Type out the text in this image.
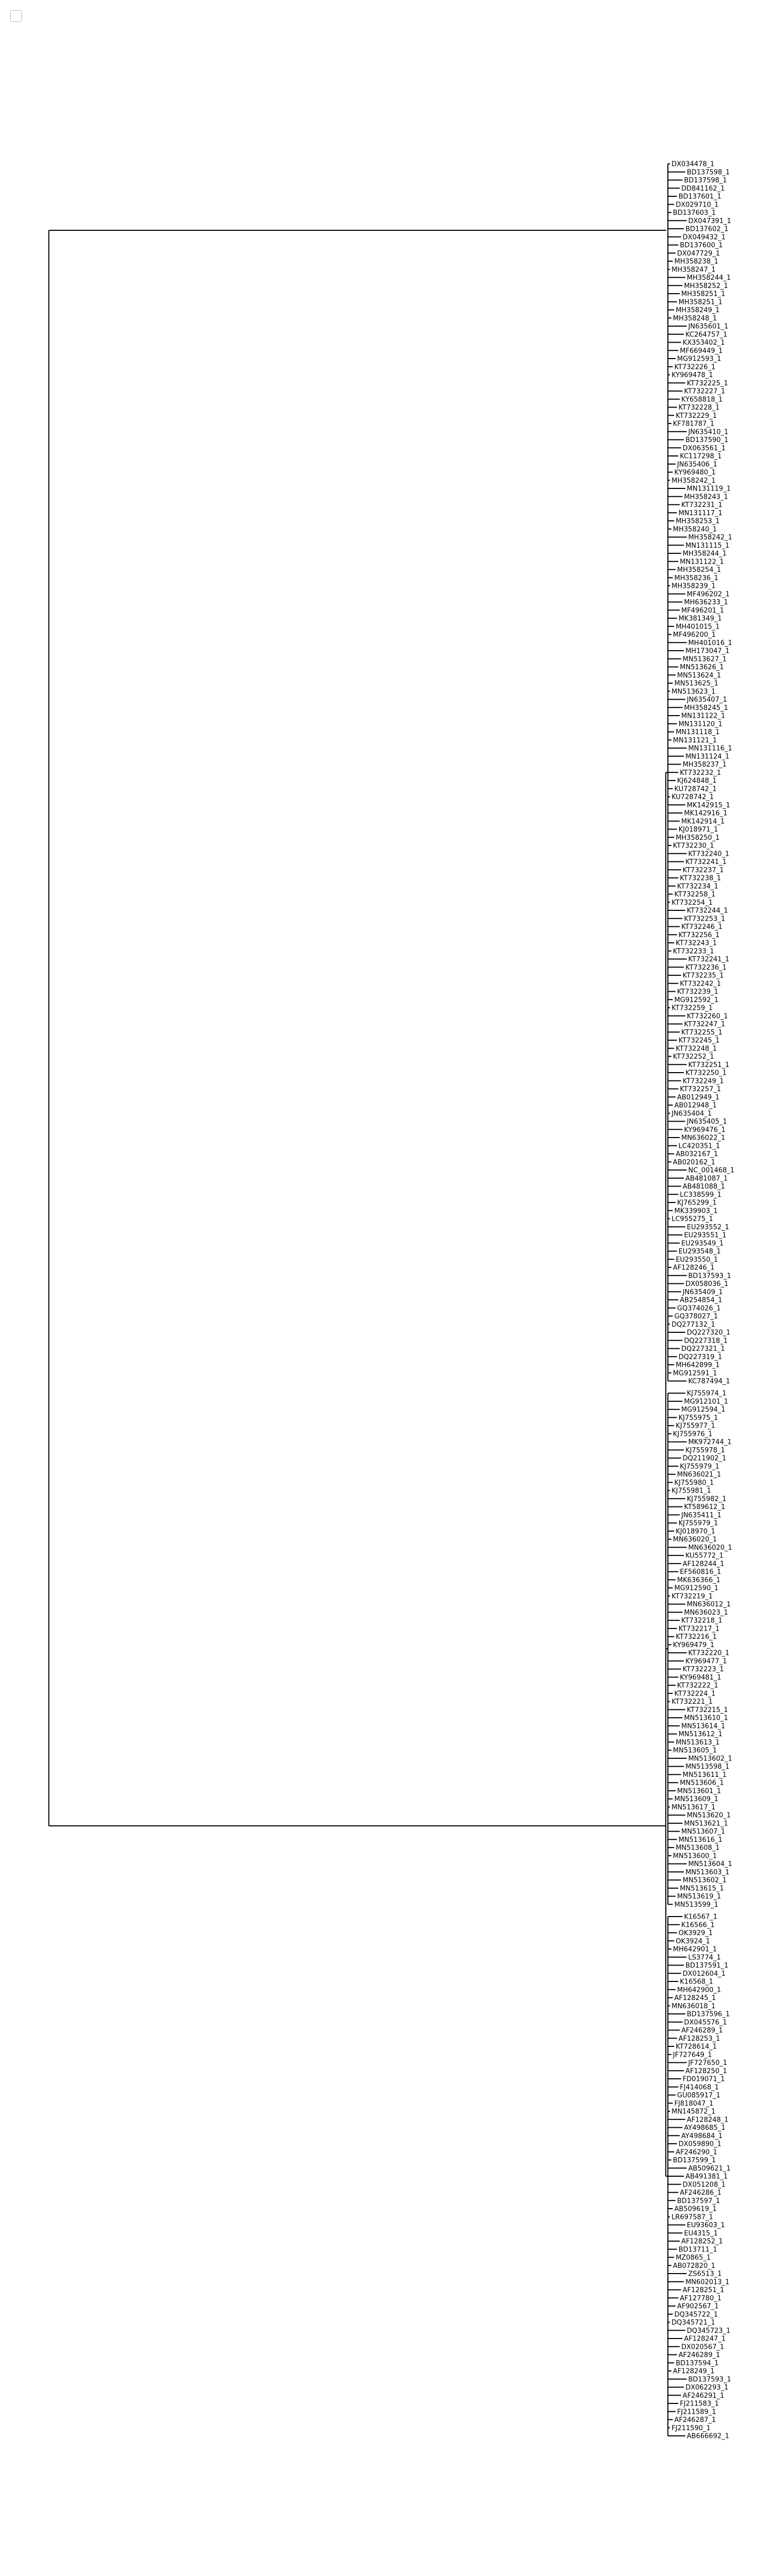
DX034478_1
BD137598_1
BD137598_1
DD841162_1
BD137601_1
DX029710_1
BD137603_1
DX047391_1
BD137602_1
DX049432_1
BD137600_1
DX047729_1
MH358238_1
MH358247_1
MH358244_1
MH358252_1
MH358251_1
MH358251_1
MH358249_1
MH358248_1
JN635601_1
KC264757_1
KX353402_1
MF669449_1
MG912593_1
KT732226_1
KY969478_1
KT732225_1
KT732227_1
KY658818_1
KT732228_1
KT732229_1
KF781787_1
JN635410_1
BD137590_1
DX063561_1
KC117298_1
JN635406_1
KY969480_1
MH358242_1
MN131119_1
MH358243_1
KT732231_1
MN131117_1
MH358253_1
MH358240_1
MH358242_1
MN131115_1
MH358244_1
MN131122_1
MH358254_1
MH358236_1
MH358239_1
MF496202_1
MH636233_1
MF496201_1
MK381349_1
MH401015_1
MF496200_1
MH401016_1
MH173047_1
MN513627_1
MN513626_1
MN513624_1
MN513625_1
MN513623_1
JN635407_1
MH358245_1
MN131122_1
MN131120_1
MN131118_1
MN131121_1
MN131116_1
MN131124_1
MH358237_1
KT732232_1
KJ624848_1
KU728742_1
KU728742_1
MK142915_1
MK142916_1
MK142914_1
KJ018971_1
MH358250_1
KT732230_1
KT732240_1
KT732241_1
KT732237_1
KT732238_1
KT732234_1
KT732258_1
KT732254_1
KT732244_1
KT732253_1
KT732246_1
KT732256_1
KT732243_1
KT732233_1
KT732241_1
KT732236_1
KT732235_1
KT732242_1
KT732239_1
MG912592_1
KT732259_1
KT732260_1
KT732247_1
KT732255_1
KT732245_1
KT732248_1
KT732252_1
KT732251_1
KT732250_1
KT732249_1
KT732257_1
AB012949_1
AB012948_1
JN635404_1
JN635405_1
KY969476_1
MN636022_1
LC420351_1
AB032167_1
AB020162_1
NC_001468_1
AB481087_1
AB481088_1
LC338599_1
KJ765299_1
MK339903_1
LC955275_1
EU293552_1
EU293551_1
EU293549_1
EU293548_1
EU293550_1
AF128246_1
BD137593_1
DX058036_1
JN635409_1
AB254854_1
GQ374026_1
GQ378027_1
DQ277132_1
DQ227320_1
DQ227318_1
DQ227321_1
DQ227319_1
MH642899_1
MG912591_1
KC787494_1
KJ755974_1
MG912101_1
MG912594_1
KJ755975_1
KJ755977_1
KJ755976_1
MK972744_1
KJ755978_1
DQ211902_1
KJ755979_1
MN636021_1
KJ755980_1
KJ755981_1
KJ755982_1
KT589612_1
JN635411_1
KJ755979_1
KJ018970_1
MN636020_1
MN636020_1
KU55772_1
AF128244_1
EF560816_1
MK636366_1
MG912590_1
KT732219_1
MN636012_1
MN636023_1
KT732218_1
KT732217_1
KT732216_1
KY969479_1
KT732220_1
KY969477_1
KT732223_1
KY969481_1
KT732222_1
KT732224_1
KT732221_1
KT732215_1
MN513610_1
MN513614_1
MN513612_1
MN513613_1
MN513605_1
MN513602_1
MN513598_1
MN513611_1
MN513606_1
MN513601_1
MN513609_1
MN513617_1
MN513620_1
MN513621_1
MN513607_1
MN513616_1
MN513608_1
MN513600_1
MN513604_1
MN513603_1
MN513602_1
MN513615_1
MN513619_1
MN513599_1
K16567_1
K16566_1
OK3929_1
OK3924_1
MH642901_1
LS3774_1
BD137591_1
DX012604_1
K16568_1
MH642900_1
AF128245_1
MN636018_1
BD137596_1
DX045576_1
AF246289_1
AF128253_1
KT728614_1
JF727649_1
JF727650_1
AF128250_1
FD019071_1
FJ414068_1
GU085917_1
FJ818047_1
MN145872_1
AF128248_1
AY498685_1
AY498684_1
DX059890_1
AF246290_1
BD137599_1
AB509621_1
AB491381_1
DX051208_1
AF246286_1
BD137597_1
AB509619_1
LR697587_1
EU93603_1
EU4315_1
AF128252_1
BD13711_1
MZ0865_1
AB072820_1
ZS6513_1
MN602013_1
AF128251_1
AF127780_1
AF902567_1
DQ345722_1
DQ345721_1
DQ345723_1
AF128247_1
DX020567_1
AF246289_1
BD137594_1
AF128249_1
BD137593_1
DX062293_1
AF246291_1
FJ211583_1
FJ211589_1
AF246287_1
FJ211590_1
AB666692_1
